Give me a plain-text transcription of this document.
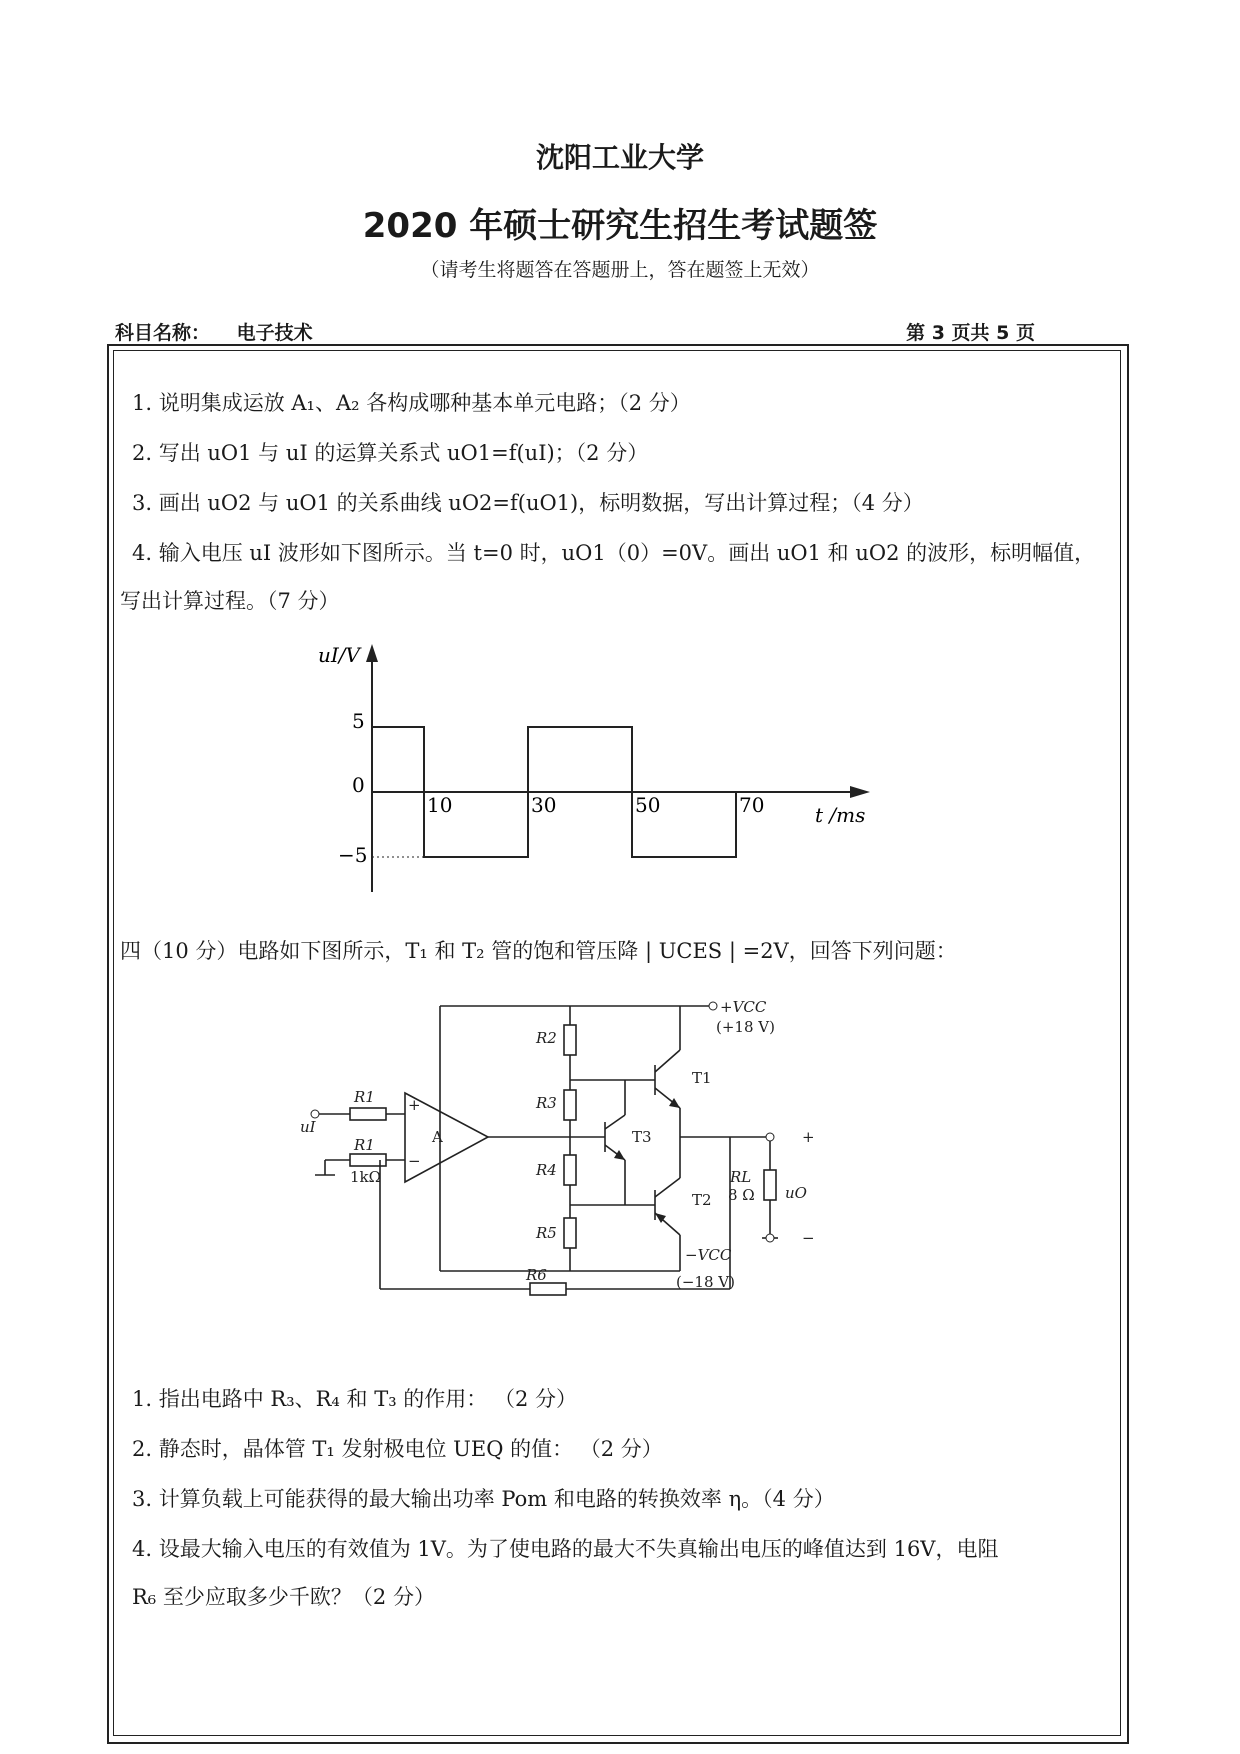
沈阳工业大学
2020 年硕士研究生招生考试题签
（请考生将题答在答题册上，答在题签上无效）
科目名称： 电子技术	第 3 页共 5 页
1. 说明集成运放 A₁、A₂ 各构成哪种基本单元电路；（2 分）
2. 写出 uO1 与 uI 的运算关系式 uO1=f(uI)；（2 分）
3. 画出 uO2 与 uO1 的关系曲线 uO2=f(uO1)，标明数据，写出计算过程；（4 分）
4. 输入电压 uI 波形如下图所示。当 t=0 时，uO1（0）=0V。画出 uO1 和 uO2 的波形，标明幅值，
写出计算过程。（7 分）
uI/V
t /ms
5
0
−5
10	30	50	70
四（10 分）电路如下图所示，T₁ 和 T₂ 管的饱和管压降 | UCES | =2V，回答下列问题：
+VCC
(+18 V)
−VCC
(−18 V)
R2
R3
R4
R5
R6
R1
R1
1kΩ	RL
8 Ω
A
T1
T2
T3
uI
uO
+
−
+
−
1. 指出电路中 R₃、R₄ 和 T₃ 的作用： （2 分）
2. 静态时，晶体管 T₁ 发射极电位 UEQ 的值： （2 分）
3. 计算负载上可能获得的最大输出功率 Pom 和电路的转换效率 η。（4 分）
4. 设最大输入电压的有效值为 1V。为了使电路的最大不失真输出电压的峰值达到 16V，电阻
R₆ 至少应取多少千欧？（2 分）
